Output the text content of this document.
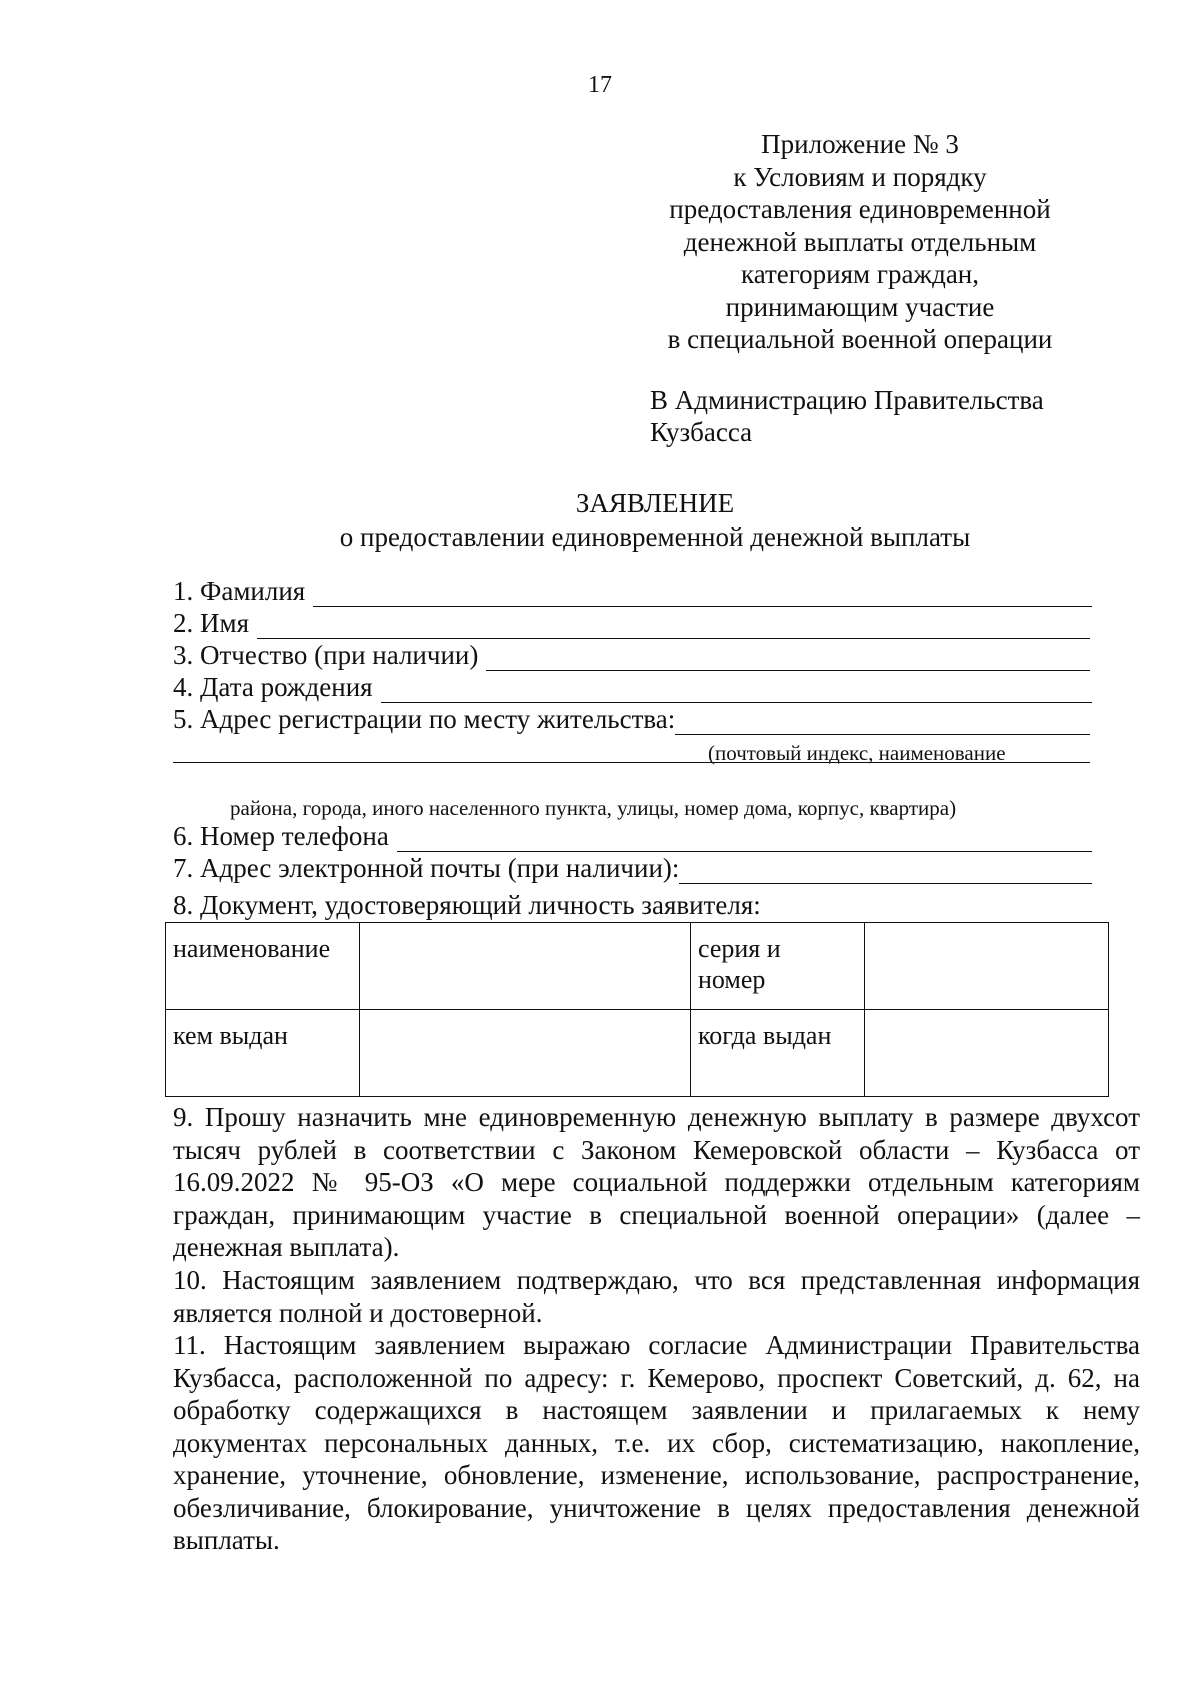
17
Приложение № 3
к Условиям и порядку
предоставления единовременной
денежной выплаты отдельным
категориям граждан,
принимающим участие
в специальной военной операции
В Администрацию Правительства
Кузбасса
ЗАЯВЛЕНИЕ
о предоставлении единовременной денежной выплаты
1. Фамилия
2. Имя
3. Отчество (при наличии)
4. Дата рождения
5. Адрес регистрации по месту жительства:
(почтовый индекс, наименование
района, города, иного населенного пункта, улицы, номер дома, корпус, квартира)
6. Номер телефона
7. Адрес электронной почты (при наличии):
8. Документ, удостоверяющий личность заявителя:
наименование		серия и
номер	

кем выдан		когда выдан	
9. Прошу назначить мне единовременную денежную выплату в размере двухсот тысяч рублей в соответствии с Законом Кемеровской области – Кузбасса от 16.09.2022 № 95-ОЗ «О мере социальной поддержки отдельным категориям граждан, принимающим участие в специальной военной операции» (далее – денежная выплата).
10. Настоящим заявлением подтверждаю, что вся представленная информация является полной и достоверной.
11. Настоящим заявлением выражаю согласие Администрации Правительства Кузбасса, расположенной по адресу: г. Кемерово, проспект Советский, д. 62, на обработку содержащихся в настоящем заявлении и прилагаемых к нему документах персональных данных, т.е. их сбор, систематизацию, накопление, хранение, уточнение, обновление, изменение, использование, распространение, обезличивание, блокирование, уничтожение в целях предоставления денежной выплаты.
